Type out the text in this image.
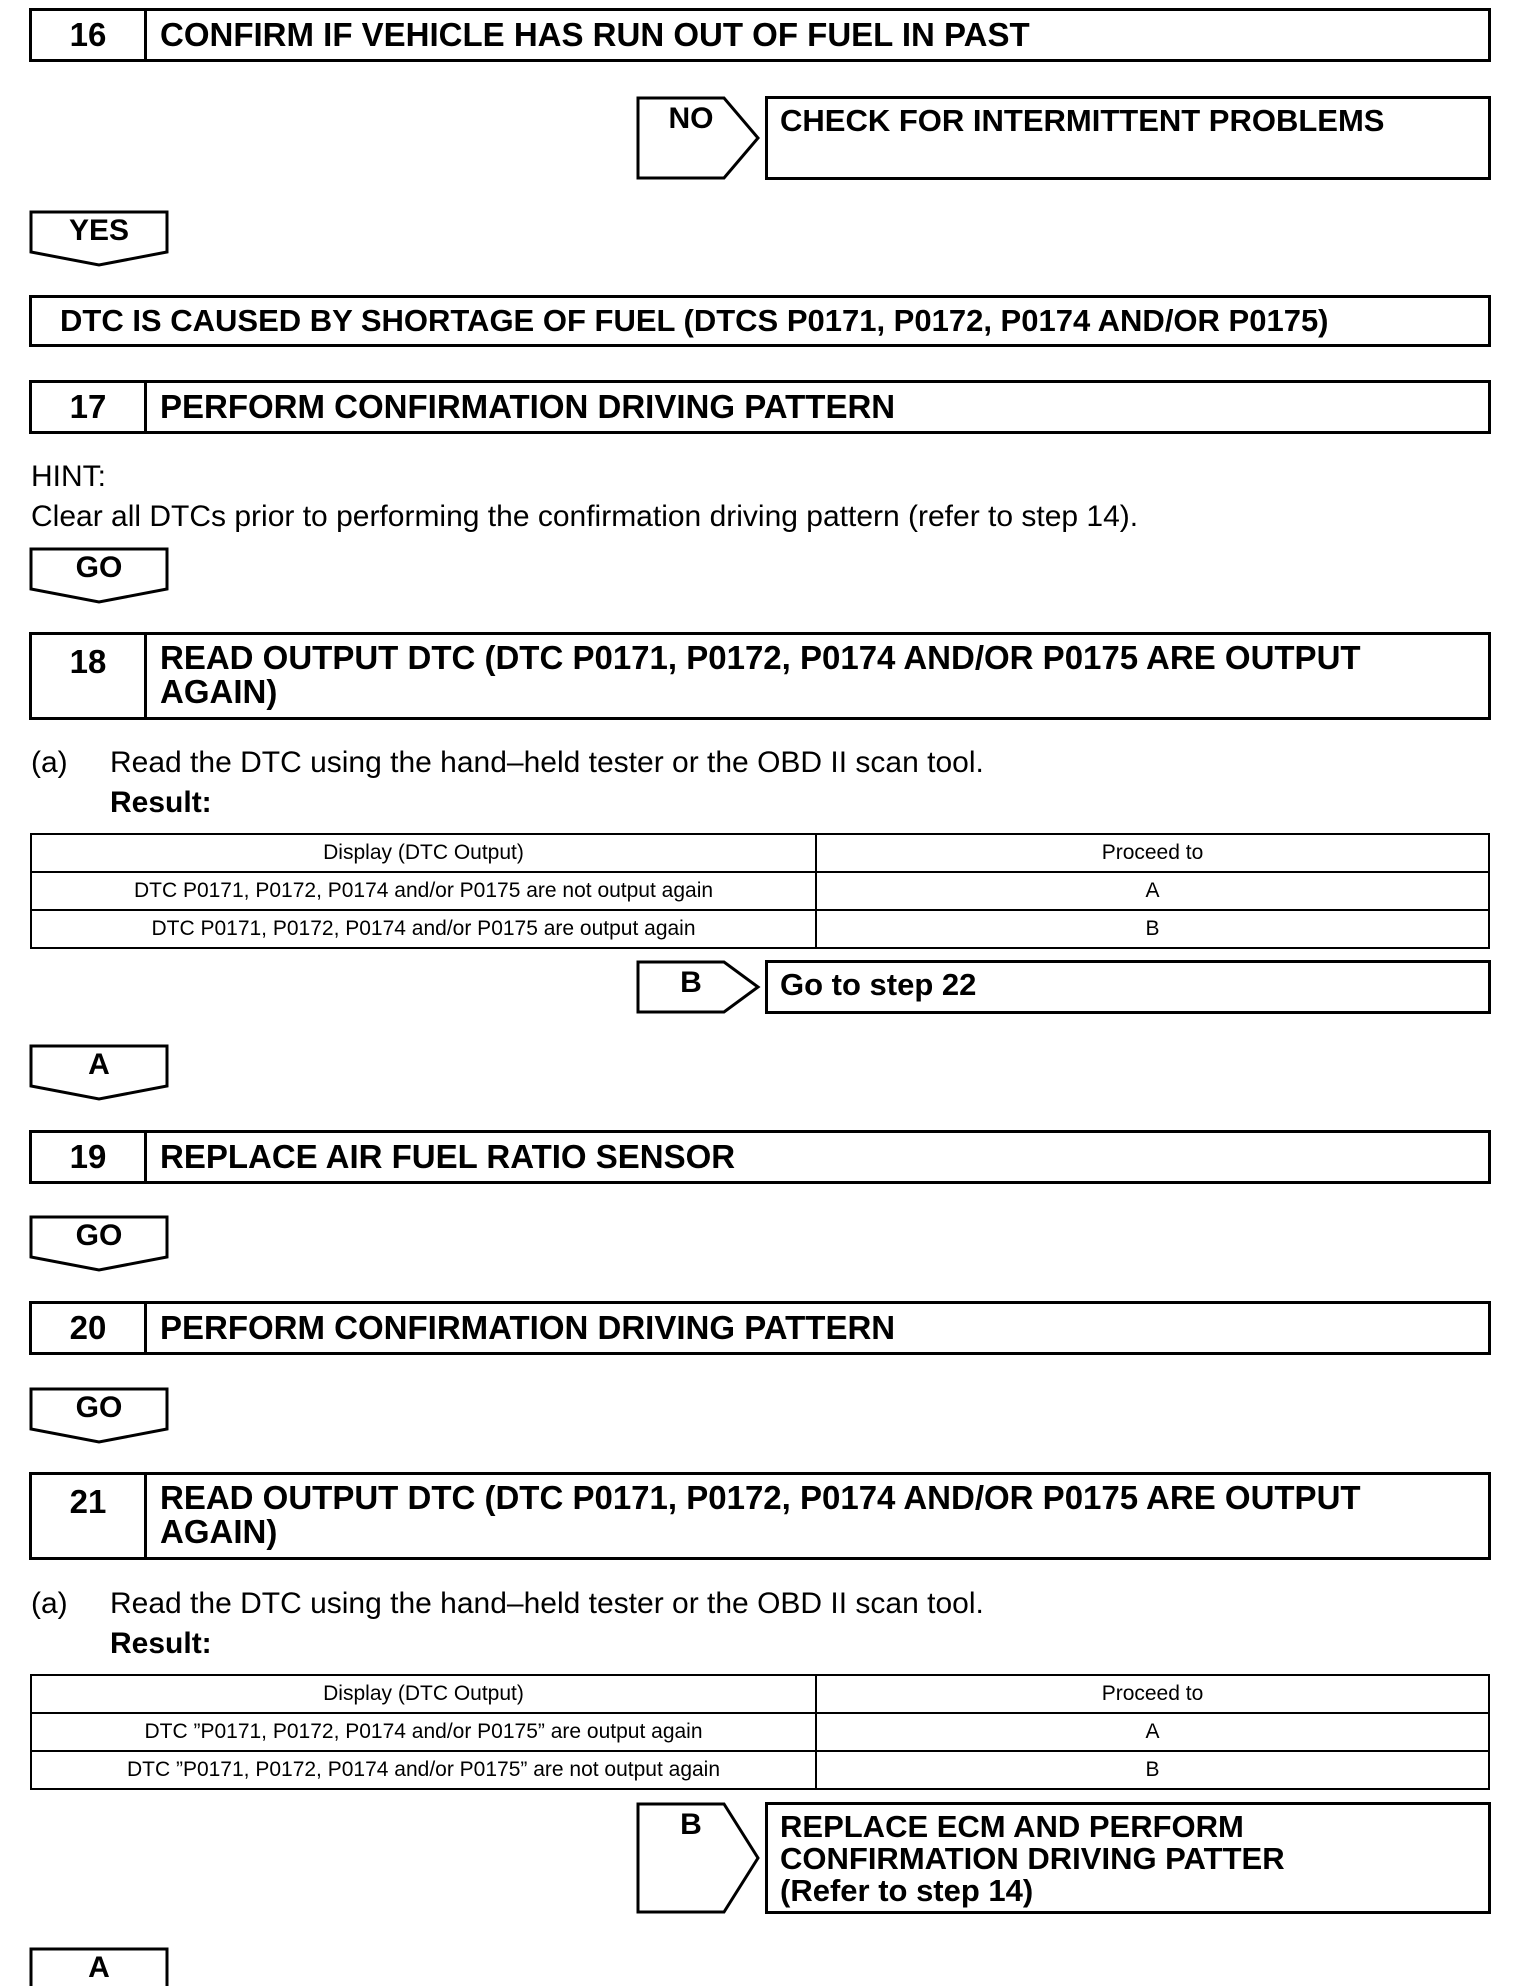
16	CONFIRM IF VEHICLE HAS RUN OUT OF FUEL IN PAST
NO	CHECK FOR INTERMITTENT PROBLEMS
YES
DTC IS CAUSED BY SHORTAGE OF FUEL (DTCS P0171, P0172, P0174 AND/OR P0175)
17	PERFORM CONFIRMATION DRIVING PATTERN
HINT:
Clear all DTCs prior to performing the confirmation driving pattern (refer to step 14).
GO
18	READ OUTPUT DTC (DTC P0171, P0172, P0174 AND/OR P0175 ARE OUTPUT
AGAIN)
(a) Read the DTC using the hand–held tester or the OBD II scan tool.
Result:
Display (DTC Output)	Proceed to
DTC P0171, P0172, P0174 and/or P0175 are not output again	A
DTC P0171, P0172, P0174 and/or P0175 are output again	B
B	Go to step 22
A
19	REPLACE AIR FUEL RATIO SENSOR
GO
20	PERFORM CONFIRMATION DRIVING PATTERN
GO
21	READ OUTPUT DTC (DTC P0171, P0172, P0174 AND/OR P0175 ARE OUTPUT
AGAIN)
(a) Read the DTC using the hand–held tester or the OBD II scan tool.
Result:
Display (DTC Output)	Proceed to
DTC ”P0171, P0172, P0174 and/or P0175” are output again	A
DTC ”P0171, P0172, P0174 and/or P0175” are not output again	B
B	REPLACE ECM AND PERFORM
CONFIRMATION DRIVING PATTER
(Refer to step 14)
A
